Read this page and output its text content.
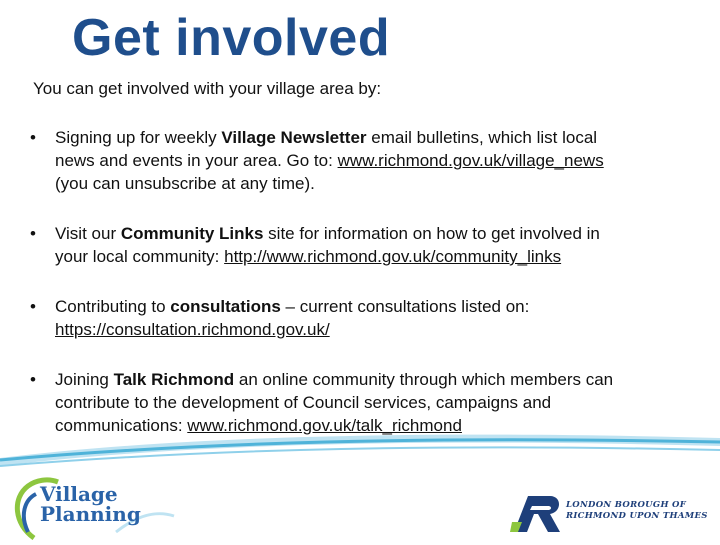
Get involved
You can get involved with your village area by:
• Signing up for weekly Village Newsletter email bulletins, which list local
news and events in your area. Go to: www.richmond.gov.uk/village_news
(you can unsubscribe at any time).
• Visit our Community Links site for information on how to get involved in
your local community: http://www.richmond.gov.uk/community_links
• Contributing to consultations – current consultations listed on:
https://consultation.richmond.gov.uk/
• Joining Talk Richmond an online community through which members can
contribute to the development of Council services, campaigns and
communications: www.richmond.gov.uk/talk_richmond
Village
Planning	LONDON BOROUGH OF
RICHMOND UPON THAMES
